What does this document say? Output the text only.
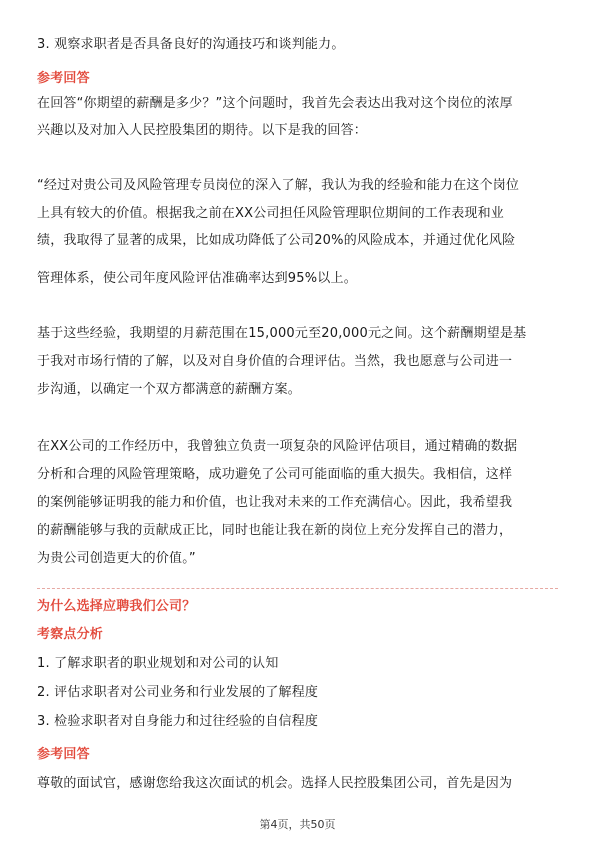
3. 观察求职者是否具备良好的沟通技巧和谈判能力。
参考回答
在回答“你期望的薪酬是多少？”这个问题时，我首先会表达出我对这个岗位的浓厚
兴趣以及对加入人民控股集团的期待。以下是我的回答：
“经过对贵公司及风险管理专员岗位的深入了解，我认为我的经验和能力在这个岗位
上具有较大的价值。根据我之前在XX公司担任风险管理职位期间的工作表现和业
绩，我取得了显著的成果，比如成功降低了公司20%的风险成本，并通过优化风险
管理体系，使公司年度风险评估准确率达到95%以上。
基于这些经验，我期望的月薪范围在15,000元至20,000元之间。这个薪酬期望是基
于我对市场行情的了解，以及对自身价值的合理评估。当然，我也愿意与公司进一
步沟通，以确定一个双方都满意的薪酬方案。
在XX公司的工作经历中，我曾独立负责一项复杂的风险评估项目，通过精确的数据
分析和合理的风险管理策略，成功避免了公司可能面临的重大损失。我相信，这样
的案例能够证明我的能力和价值，也让我对未来的工作充满信心。因此，我希望我
的薪酬能够与我的贡献成正比，同时也能让我在新的岗位上充分发挥自己的潜力，
为贵公司创造更大的价值。”
为什么选择应聘我们公司？
考察点分析
1. 了解求职者的职业规划和对公司的认知
2. 评估求职者对公司业务和行业发展的了解程度
3. 检验求职者对自身能力和过往经验的自信程度
参考回答
尊敬的面试官，感谢您给我这次面试的机会。选择人民控股集团公司，首先是因为
第4页，共50页
